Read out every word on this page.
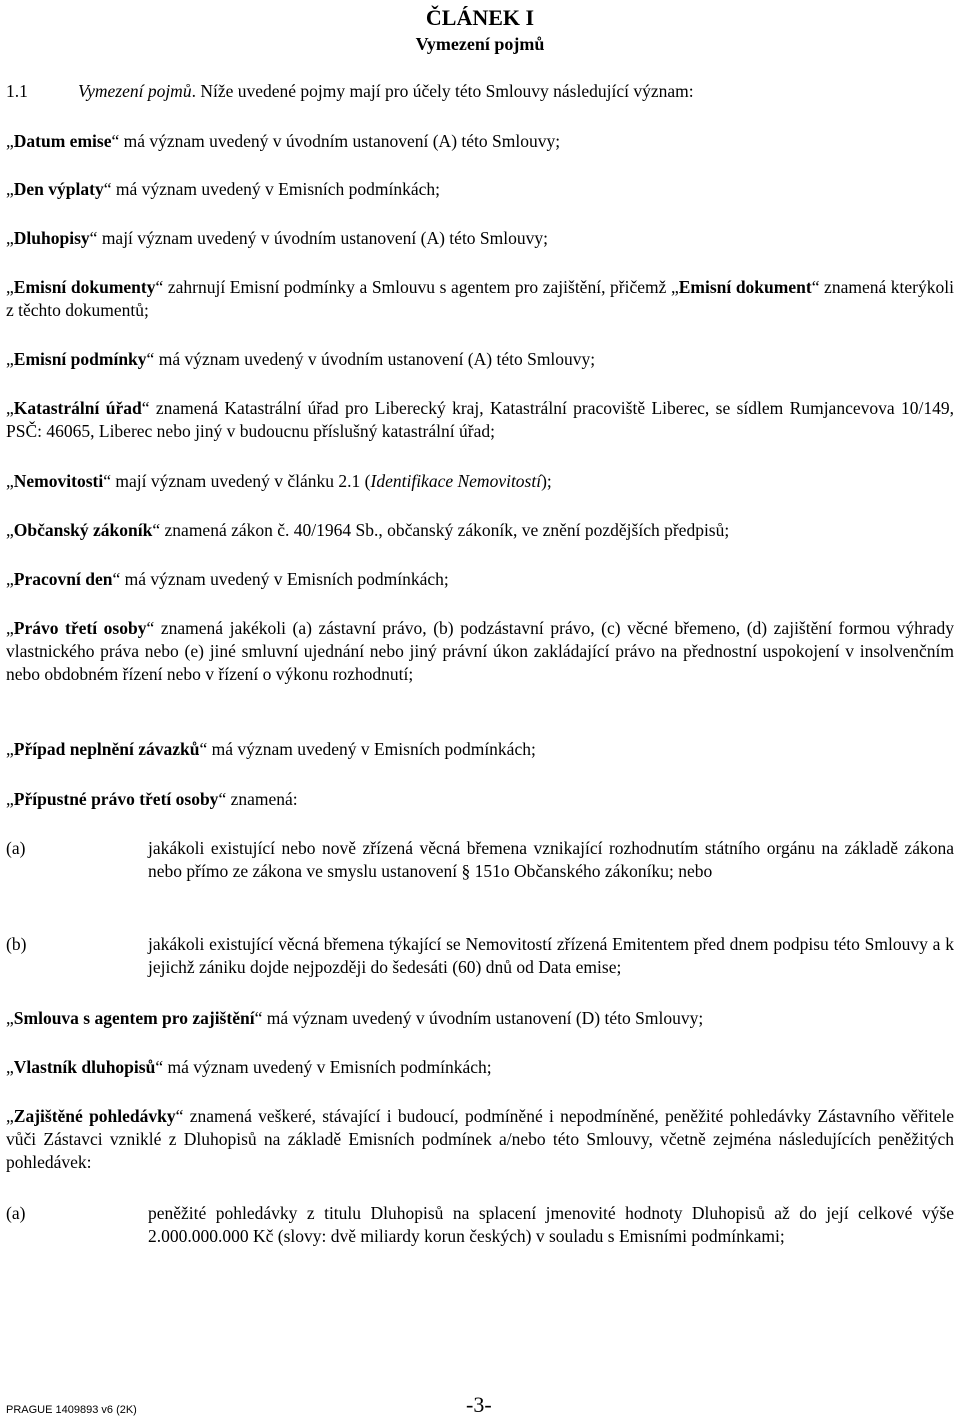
ČLÁNEK I
Vymezení pojmů

1.1	Vymezení pojmů. Níže uvedené pojmy mají pro účely této Smlouvy následující význam:

„Datum emise“ má význam uvedený v úvodním ustanovení (A) této Smlouvy;

„Den výplaty“ má význam uvedený v Emisních podmínkách;

„Dluhopisy“ mají význam uvedený v úvodním ustanovení (A) této Smlouvy;

„Emisní dokumenty“ zahrnují Emisní podmínky a Smlouvu s agentem pro zajištění, přičemž „Emisní dokument“ znamená kterýkoli z těchto dokumentů;

„Emisní podmínky“ má význam uvedený v úvodním ustanovení (A) této Smlouvy;

„Katastrální úřad“ znamená Katastrální úřad pro Liberecký kraj, Katastrální pracoviště Liberec, se sídlem Rumjancevova 10/149, PSČ: 46065, Liberec nebo jiný v budoucnu příslušný katastrální úřad;

„Nemovitosti“ mají význam uvedený v článku 2.1 (Identifikace Nemovitostí);

„Občanský zákoník“ znamená zákon č. 40/1964 Sb., občanský zákoník, ve znění pozdějších předpisů;

„Pracovní den“ má význam uvedený v Emisních podmínkách;

„Právo třetí osoby“ znamená jakékoli (a) zástavní právo, (b) podzástavní právo, (c) věcné břemeno, (d) zajištění formou výhrady vlastnického práva nebo (e) jiné smluvní ujednání nebo jiný právní úkon zakládající právo na přednostní uspokojení v insolvenčním nebo obdobném řízení nebo v řízení o výkonu rozhodnutí;

„Případ neplnění závazků“ má význam uvedený v Emisních podmínkách;

„Přípustné právo třetí osoby“ znamená:

(a)	jakákoli existující nebo nově zřízená věcná břemena vznikající rozhodnutím státního orgánu na základě zákona nebo přímo ze zákona ve smyslu ustanovení § 151o Občanského zákoníku; nebo

(b)	jakákoli existující věcná břemena týkající se Nemovitostí zřízená Emitentem před dnem podpisu této Smlouvy a k jejichž zániku dojde nejpozději do šedesáti (60) dnů od Data emise;

„Smlouva s agentem pro zajištění“ má význam uvedený v úvodním ustanovení (D) této Smlouvy;

„Vlastník dluhopisů“ má význam uvedený v Emisních podmínkách;

„Zajištěné pohledávky“ znamená veškeré, stávající i budoucí, podmíněné i nepodmíněné, peněžité pohledávky Zástavního věřitele vůči Zástavci vzniklé z Dluhopisů na základě Emisních podmínek a/nebo této Smlouvy, včetně zejména následujících peněžitých pohledávek:

(a)	peněžité pohledávky z titulu Dluhopisů na splacení jmenovité hodnoty Dluhopisů až do její celkové výše 2.000.000.000 Kč (slovy: dvě miliardy korun českých) v souladu s Emisními podmínkami;

PRAGUE 1409893 v6 (2K)	-3-
